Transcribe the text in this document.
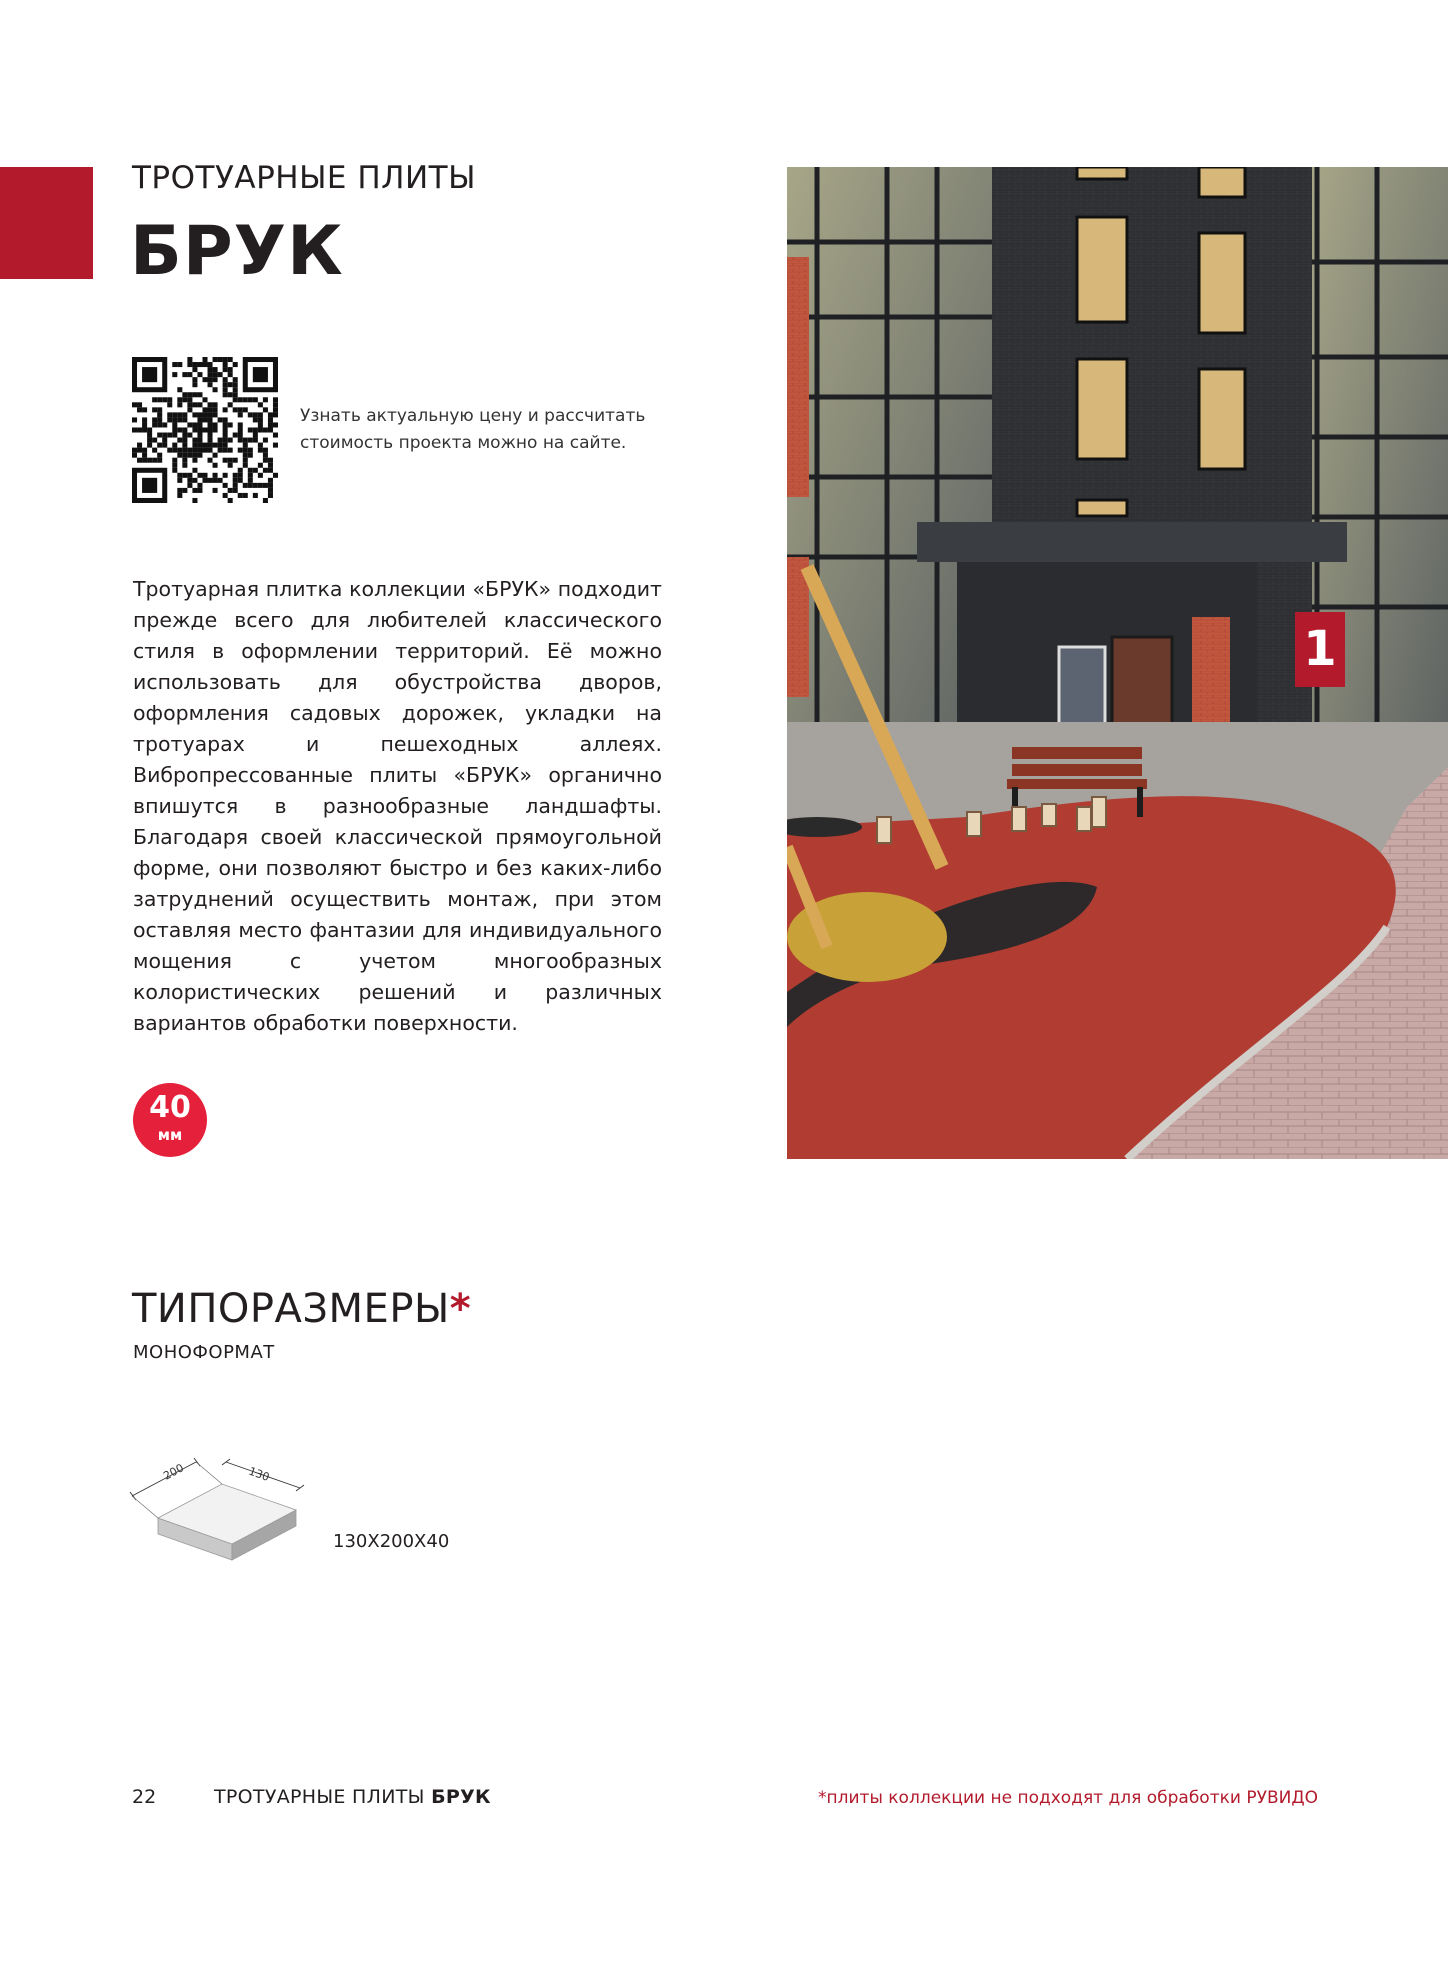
ТРОТУАРНЫЕ ПЛИТЫ
БРУК
Узнать актуальную цену и рассчитать стоимость проекта можно на сайте.
Тротуарная плитка коллекции «БРУК» подходит прежде всего для любителей классического стиля в оформлении территорий. Её можно использовать для обустройства дворов, оформления садовых дорожек, укладки на тротуарах и пешеходных аллеях. Вибропрессованные плиты «БРУК» органично впишутся в разнообразные ландшафты. Благодаря своей классической прямоугольной форме, они позволяют быстро и без каких-либо затруднений осуществить монтаж, при этом оставляя место фантазии для индивидуального мощения с учетом многообразных колористических решений и различных вариантов обработки поверхности.
40
мм
1
ТИПОРАЗМЕРЫ*
МОНОФОРМАТ
200	130
130Х200Х40
22	ТРОТУАРНЫЕ ПЛИТЫ БРУК	*плиты коллекции не подходят для обработки РУВИДО
